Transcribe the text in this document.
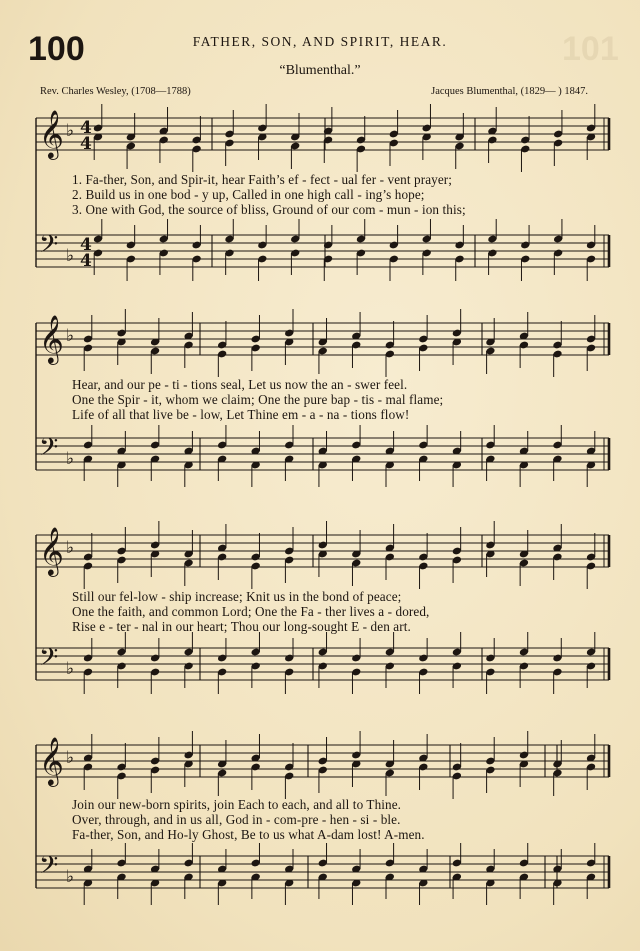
100	101
FATHER, SON, AND SPIRIT, HEAR.
“Blumenthal.”
Rev. Charles Wesley, (1708—1788)	Jacques Blumenthal, (1829— ) 1847.
𝄞 ♭ 4
4
𝄢 ♭
4
4
𝄞 ♭
𝄢 ♭
𝄞 ♭
𝄢 ♭
𝄞 ♭
𝄢 ♭
1. Fa-ther, Son, and Spir-it, hear Faith’s ef - fect - ual fer - vent prayer;
2. Build us in one bod - y up, Called in one high call - ing’s hope;
3. One with God, the source of bliss, Ground of our com - mun - ion this;
Hear, and our pe - ti - tions seal, Let us now the an - swer feel.
One the Spir - it, whom we claim; One the pure bap - tis - mal flame;
Life of all that live be - low, Let Thine em - a - na - tions flow!
Still our fel-low - ship increase; Knit us in the bond of peace;
One the faith, and common Lord; One the Fa - ther lives a - dored,
Rise e - ter - nal in our heart; Thou our long-sought E - den art.
Join our new-born spirits, join Each to each, and all to Thine.
Over, through, and in us all, God in - com-pre - hen - si - ble.
Fa-ther, Son, and Ho-ly Ghost, Be to us what A-dam lost! A-men.
